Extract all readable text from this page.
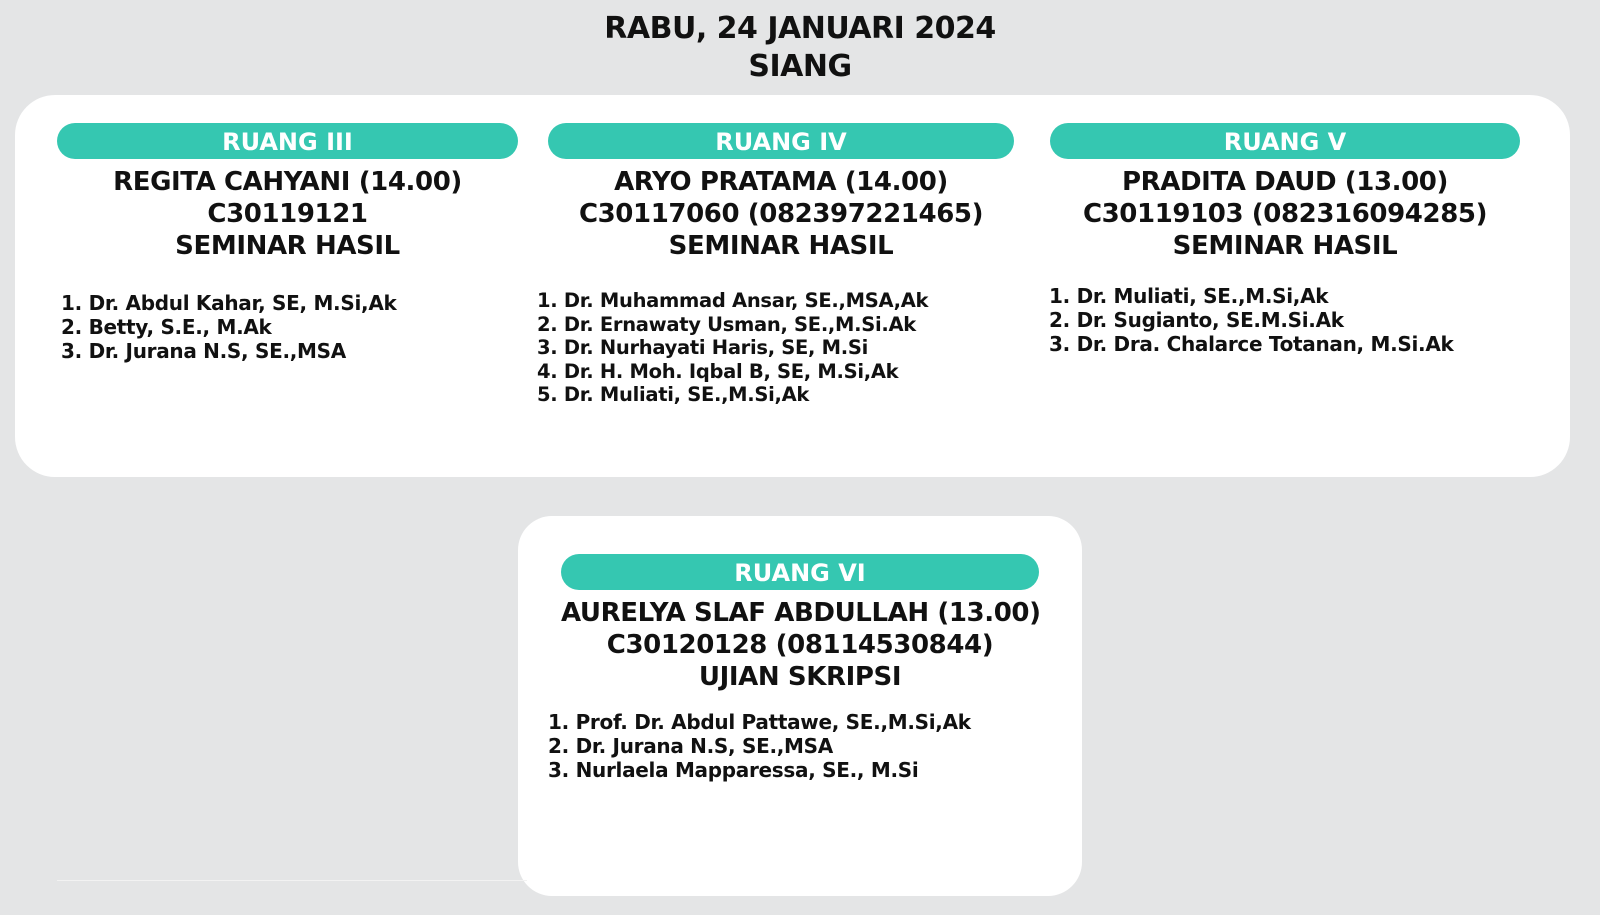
RABU, 24 JANUARI 2024
SIANG
RUANG III
REGITA CAHYANI (14.00)
C30119121
SEMINAR HASIL
1. Dr. Abdul Kahar, SE, M.Si,Ak
2. Betty, S.E., M.Ak
3. Dr. Jurana N.S, SE.,MSA
RUANG IV
ARYO PRATAMA (14.00)
C30117060 (082397221465)
SEMINAR HASIL
1. Dr. Muhammad Ansar, SE.,MSA,Ak
2. Dr. Ernawaty Usman, SE.,M.Si.Ak
3. Dr. Nurhayati Haris, SE, M.Si
4. Dr. H. Moh. Iqbal B, SE, M.Si,Ak
5. Dr. Muliati, SE.,M.Si,Ak
RUANG V
PRADITA DAUD (13.00)
C30119103 (082316094285)
SEMINAR HASIL
1. Dr. Muliati, SE.,M.Si,Ak
2. Dr. Sugianto, SE.M.Si.Ak
3. Dr. Dra. Chalarce Totanan, M.Si.Ak
RUANG VI
AURELYA SLAF ABDULLAH (13.00)
C30120128 (08114530844)
UJIAN SKRIPSI
1. Prof. Dr. Abdul Pattawe, SE.,M.Si,Ak
2. Dr. Jurana N.S, SE.,MSA
3. Nurlaela Mapparessa, SE., M.Si
